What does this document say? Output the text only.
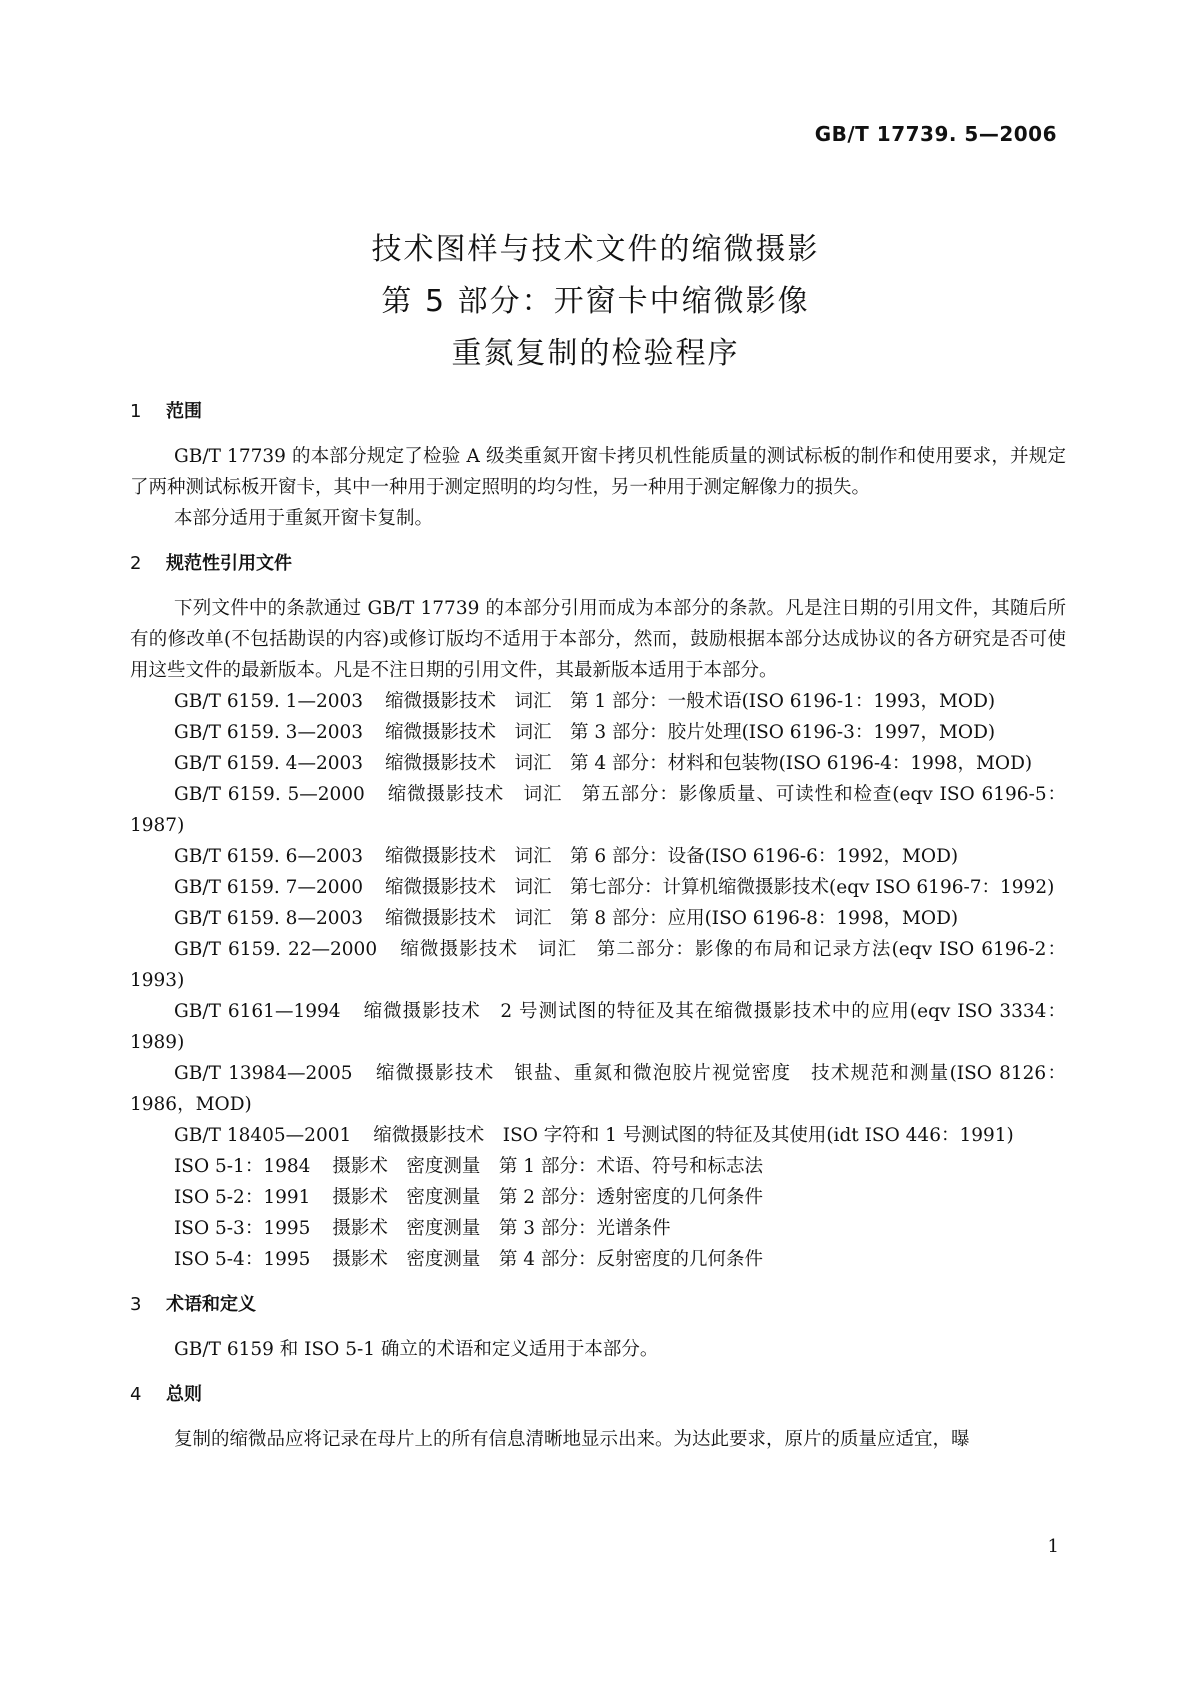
GB/T 17739. 5—2006
技术图样与技术文件的缩微摄影
第 5 部分：开窗卡中缩微影像
重氮复制的检验程序
1 范围

GB/T 17739 的本部分规定了检验 A 级类重氮开窗卡拷贝机性能质量的测试标板的制作和使用要求，并规定了两种测试标板开窗卡，其中一种用于测定照明的均匀性，另一种用于测定解像力的损失。

本部分适用于重氮开窗卡复制。

2 规范性引用文件

下列文件中的条款通过 GB/T 17739 的本部分引用而成为本部分的条款。凡是注日期的引用文件，其随后所有的修改单(不包括勘误的内容)或修订版均不适用于本部分，然而，鼓励根据本部分达成协议的各方研究是否可使用这些文件的最新版本。凡是不注日期的引用文件，其最新版本适用于本部分。

GB/T 6159. 1—2003 缩微摄影技术　词汇　第 1 部分：一般术语(ISO 6196-1：1993，MOD)

GB/T 6159. 3—2003 缩微摄影技术　词汇　第 3 部分：胶片处理(ISO 6196-3：1997，MOD)

GB/T 6159. 4—2003 缩微摄影技术　词汇　第 4 部分：材料和包装物(ISO 6196-4：1998，MOD)

GB/T 6159. 5—2000 缩微摄影技术　词汇　第五部分：影像质量、可读性和检查(eqv ISO 6196-5：1987)

GB/T 6159. 6—2003 缩微摄影技术　词汇　第 6 部分：设备(ISO 6196-6：1992，MOD)

GB/T 6159. 7—2000 缩微摄影技术　词汇　第七部分：计算机缩微摄影技术(eqv ISO 6196-7：1992)

GB/T 6159. 8—2003 缩微摄影技术　词汇　第 8 部分：应用(ISO 6196-8：1998，MOD)

GB/T 6159. 22—2000 缩微摄影技术　词汇　第二部分：影像的布局和记录方法(eqv ISO 6196-2：1993)

GB/T 6161—1994 缩微摄影技术　2 号测试图的特征及其在缩微摄影技术中的应用(eqv ISO 3334：1989)

GB/T 13984—2005 缩微摄影技术　银盐、重氮和微泡胶片视觉密度　技术规范和测量(ISO 8126：1986，MOD)

GB/T 18405—2001 缩微摄影技术　ISO 字符和 1 号测试图的特征及其使用(idt ISO 446：1991)

ISO 5-1：1984 摄影术　密度测量　第 1 部分：术语、符号和标志法

ISO 5-2：1991 摄影术　密度测量　第 2 部分：透射密度的几何条件

ISO 5-3：1995 摄影术　密度测量　第 3 部分：光谱条件

ISO 5-4：1995 摄影术　密度测量　第 4 部分：反射密度的几何条件

3 术语和定义

GB/T 6159 和 ISO 5-1 确立的术语和定义适用于本部分。

4 总则

复制的缩微品应将记录在母片上的所有信息清晰地显示出来。为达此要求，原片的质量应适宜，曝

1
